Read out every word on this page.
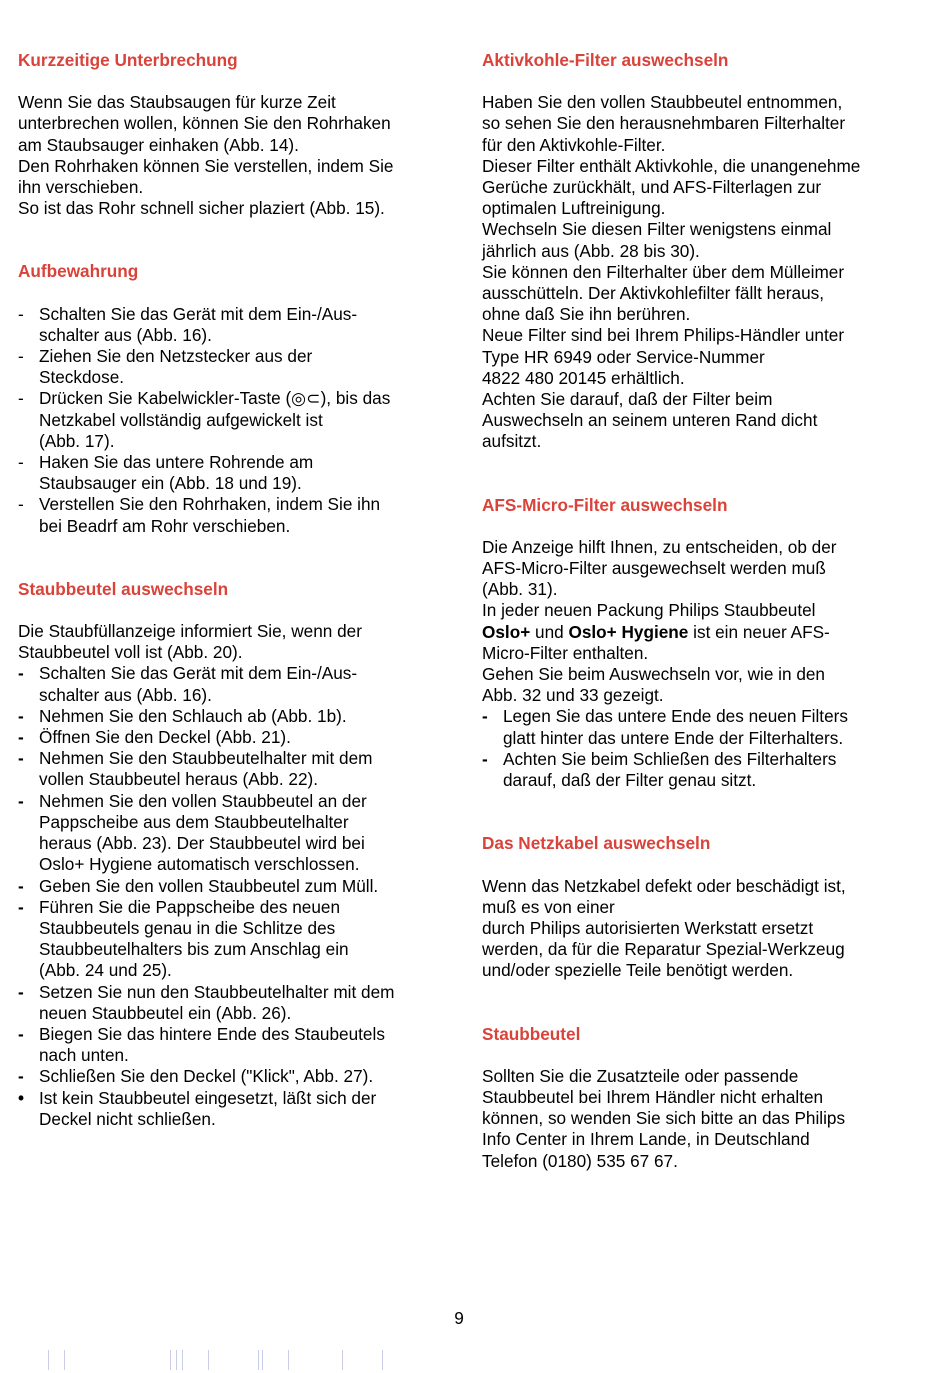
Kurzzeitige Unterbrechung

Wenn Sie das Staubsaugen für kurze Zeit
unterbrechen wollen, können Sie den Rohrhaken
am Staubsauger einhaken (Abb. 14).
Den Rohrhaken können Sie verstellen, indem Sie
ihn verschieben.
So ist das Rohr schnell sicher plaziert (Abb. 15).

Aufbewahrung
- Schalten Sie das Gerät mit dem Ein-/Aus-
schalter aus (Abb. 16).
- Ziehen Sie den Netzstecker aus der
Steckdose.
- Drücken Sie Kabelwickler-Taste (◎⊂), bis das
Netzkabel vollständig aufgewickelt ist
(Abb. 17).
- Haken Sie das untere Rohrende am
Staubsauger ein (Abb. 18 und 19).
- Verstellen Sie den Rohrhaken, indem Sie ihn
bei Beadrf am Rohr verschieben.
Staubbeutel auswechseln

Die Staubfüllanzeige informiert Sie, wenn der
Staubbeutel voll ist (Abb. 20).

- Schalten Sie das Gerät mit dem Ein-/Aus-
schalter aus (Abb. 16).
- Nehmen Sie den Schlauch ab (Abb. 1b).
- Öffnen Sie den Deckel (Abb. 21).
- Nehmen Sie den Staubbeutelhalter mit dem
vollen Staubbeutel heraus (Abb. 22).
- Nehmen Sie den vollen Staubbeutel an der
Pappscheibe aus dem Staubbeutelhalter
heraus (Abb. 23). Der Staubbeutel wird bei
Oslo+ Hygiene automatisch verschlossen.
- Geben Sie den vollen Staubbeutel zum Müll.
- Führen Sie die Pappscheibe des neuen
Staubbeutels genau in die Schlitze des
Staubbeutelhalters bis zum Anschlag ein
(Abb. 24 und 25).
- Setzen Sie nun den Staubbeutelhalter mit dem
neuen Staubbeutel ein (Abb. 26).
- Biegen Sie das hintere Ende des Staubeutels
nach unten.
- Schließen Sie den Deckel ("Klick", Abb. 27).
• Ist kein Staubbeutel eingesetzt, läßt sich der
Deckel nicht schließen.
Aktivkohle-Filter auswechseln

Haben Sie den vollen Staubbeutel entnommen,
so sehen Sie den herausnehmbaren Filterhalter
für den Aktivkohle-Filter.
Dieser Filter enthält Aktivkohle, die unangenehme
Gerüche zurückhält, und AFS-Filterlagen zur
optimalen Luftreinigung.
Wechseln Sie diesen Filter wenigstens einmal
jährlich aus (Abb. 28 bis 30).
Sie können den Filterhalter über dem Mülleimer
ausschütteln. Der Aktivkohlefilter fällt heraus,
ohne daß Sie ihn berühren.
Neue Filter sind bei Ihrem Philips-Händler unter
Type HR 6949 oder Service-Nummer
4822 480 20145 erhältlich.
Achten Sie darauf, daß der Filter beim
Auswechseln an seinem unteren Rand dicht
aufsitzt.

AFS-Micro-Filter auswechseln

Die Anzeige hilft Ihnen, zu entscheiden, ob der
AFS-Micro-Filter ausgewechselt werden muß
(Abb. 31).
In jeder neuen Packung Philips Staubbeutel

Oslo+ und Oslo+ Hygiene ist ein neuer AFS-

Micro-Filter enthalten.
Gehen Sie beim Auswechseln vor, wie in den
Abb. 32 und 33 gezeigt.

- Legen Sie das untere Ende des neuen Filters
glatt hinter das untere Ende der Filterhalters.
- Achten Sie beim Schließen des Filterhalters
darauf, daß der Filter genau sitzt.
Das Netzkabel auswechseln

Wenn das Netzkabel defekt oder beschädigt ist,
muß es von einer
durch Philips autorisierten Werkstatt ersetzt
werden, da für die Reparatur Spezial-Werkzeug
und/oder spezielle Teile benötigt werden.

Staubbeutel

Sollten Sie die Zusatzteile oder passende
Staubbeutel bei Ihrem Händler nicht erhalten
können, so wenden Sie sich bitte an das Philips
Info Center in Ihrem Lande, in Deutschland
Telefon (0180) 535 67 67.

9
